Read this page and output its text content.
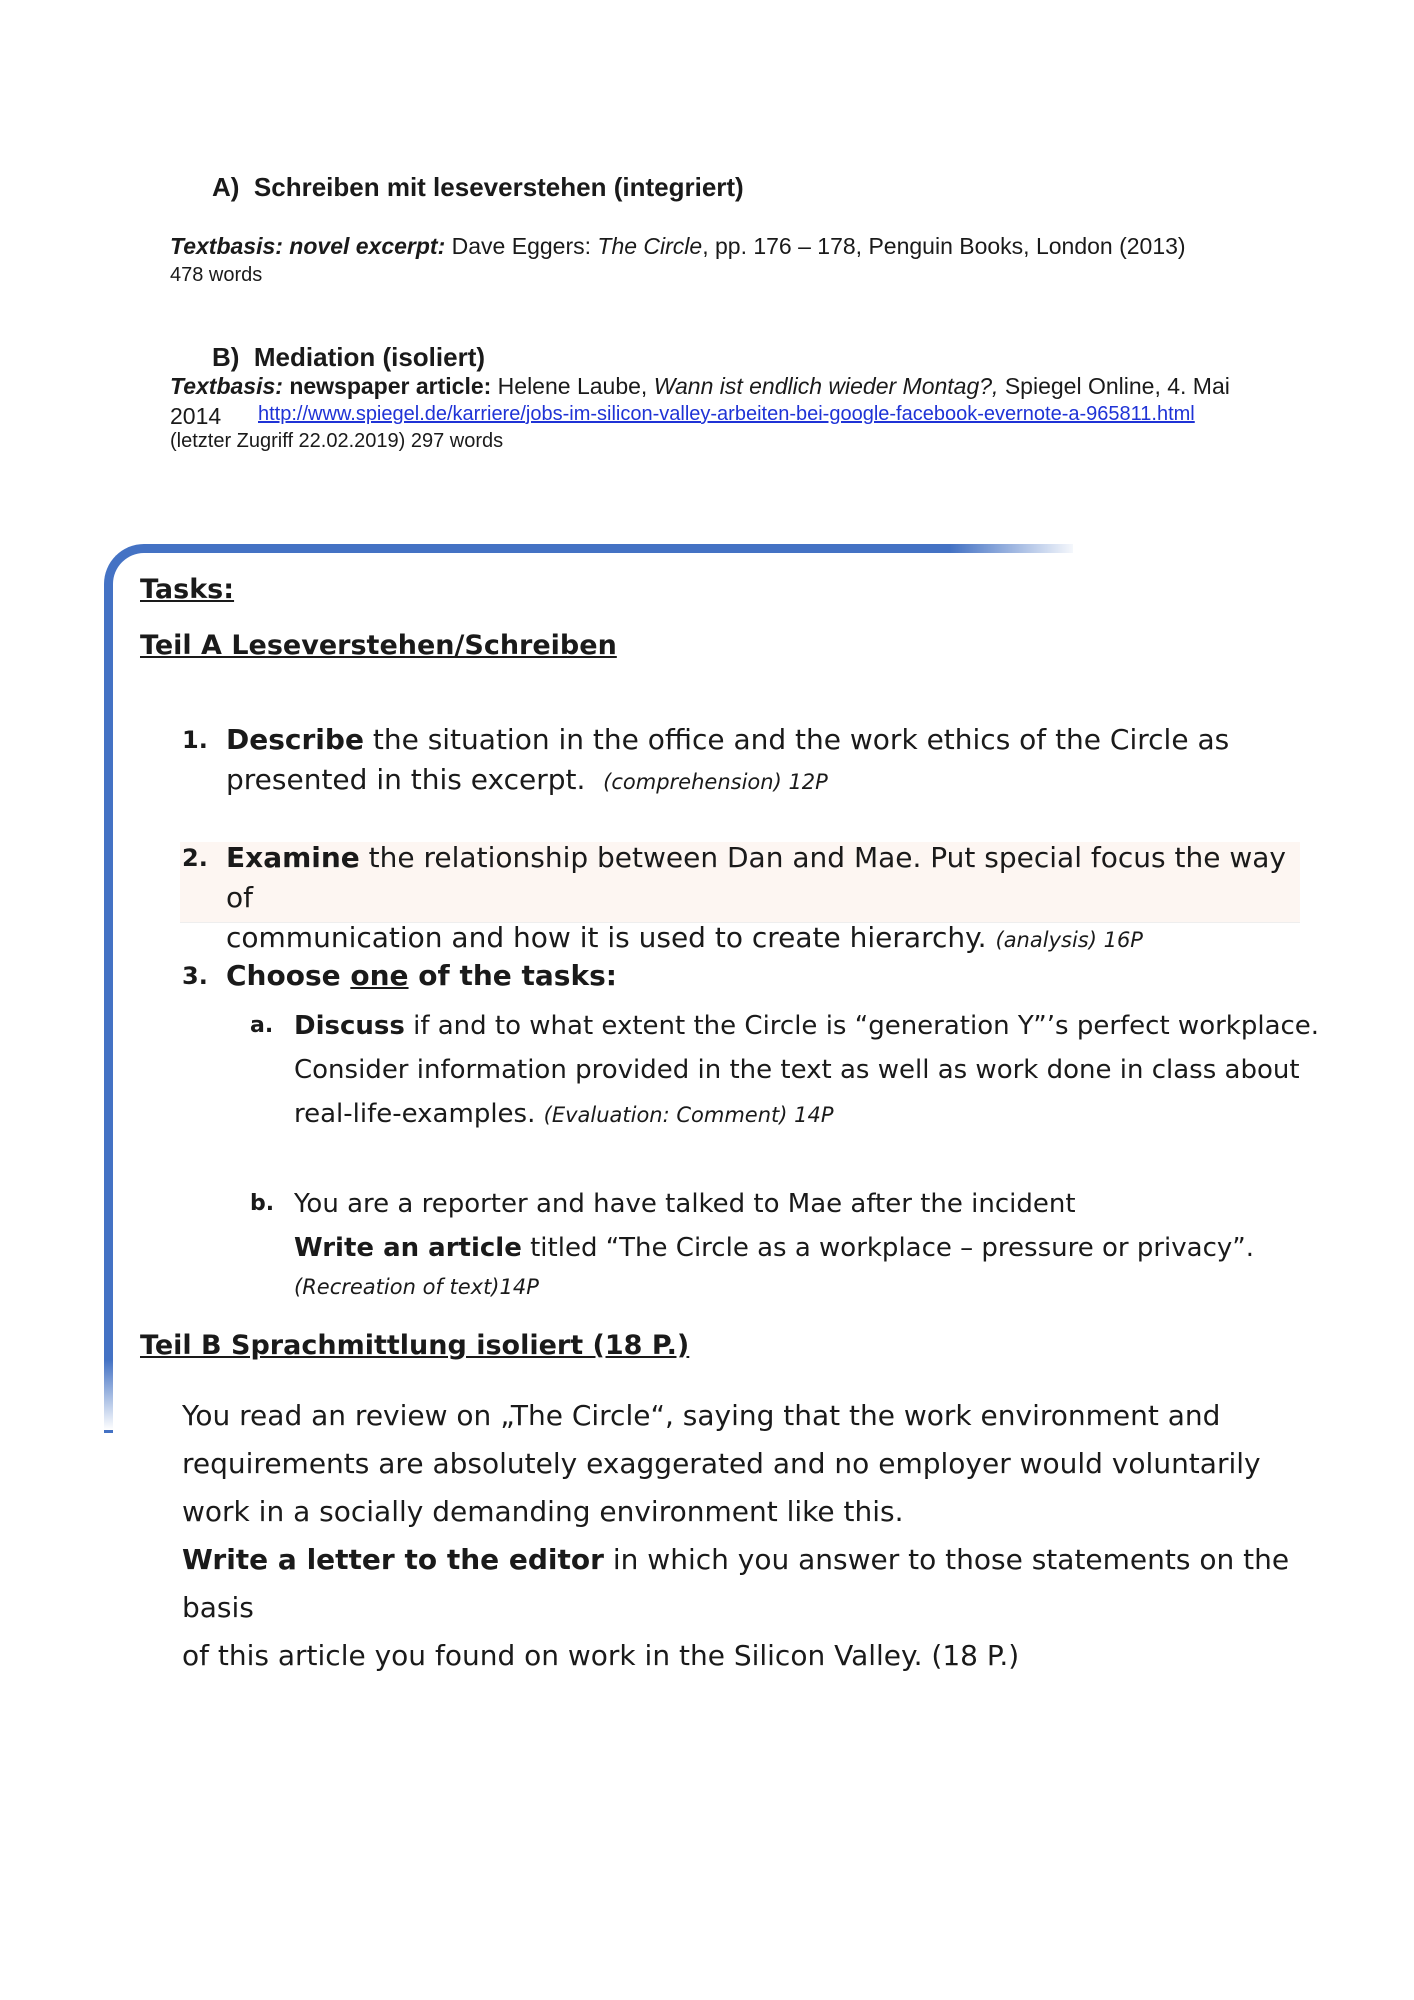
A) Schreiben mit leseverstehen (integriert)
Textbasis: novel excerpt: Dave Eggers: The Circle, pp. 176 – 178, Penguin Books, London (2013)
478 words
B) Mediation (isoliert)
Textbasis: newspaper article: Helene Laube, Wann ist endlich wieder Montag?, Spiegel Online, 4. Mai
2014 http://www.spiegel.de/karriere/jobs-im-silicon-valley-arbeiten-bei-google-facebook-evernote-a-965811.html
(letzter Zugriff 22.02.2019) 297 words
Tasks:
Teil A Leseverstehen/Schreiben
1. Describe the situation in the office and the work ethics of the Circle as
presented in this excerpt. (comprehension) 12P
2. Examine the relationship between Dan and Mae. Put special focus the way of
communication and how it is used to create hierarchy. (analysis) 16P
3. Choose one of the tasks:
a. Discuss if and to what extent the Circle is “generation Y”’s perfect workplace.
Consider information provided in the text as well as work done in class about
real-life-examples. (Evaluation: Comment) 14P
b. You are a reporter and have talked to Mae after the incident
Write an article titled “The Circle as a workplace – pressure or privacy”.
(Recreation of text)14P
Teil B Sprachmittlung isoliert (18 P.)
You read an review on „The Circle“, saying that the work environment and
requirements are absolutely exaggerated and no employer would voluntarily
work in a socially demanding environment like this.
Write a letter to the editor in which you answer to those statements on the basis
of this article you found on work in the Silicon Valley. (18 P.)
